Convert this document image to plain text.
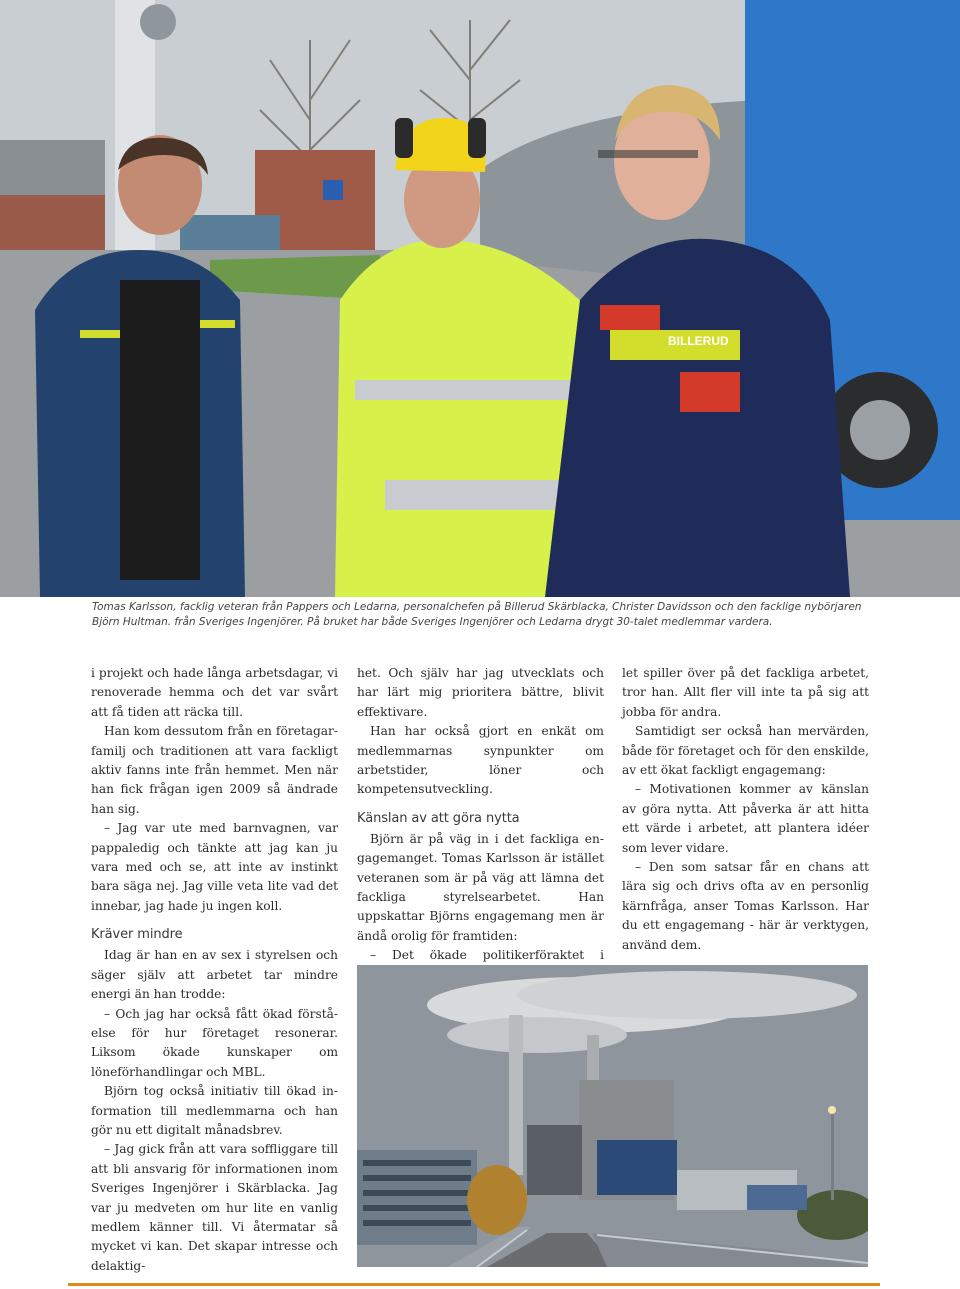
BILLERUD
Tomas Karlsson, facklig veteran från Pappers och Ledarna, personalchefen på Billerud Skärblacka, Christer Davidsson och den facklige nybörjaren Björn Hultman. från Sveriges Ingenjörer. På bruket har både Sveriges Ingenjörer och Ledarna drygt 30-talet medlemmar vardera.

i projekt och hade långa arbetsdagar, vi renoverade hemma och det var svårt att få tiden att räcka till.

Han kom dessutom från en företagarfamilj och traditionen att vara fackligt aktiv fanns inte från hemmet. Men när han fick frågan igen 2009 så ändrade han sig.

– Jag var ute med barnvagnen, var pappaledig och tänkte att jag kan ju vara med och se, att inte av instinkt bara säga nej. Jag ville veta lite vad det innebar, jag hade ju ingen koll.

Kräver mindre

Idag är han en av sex i styrelsen och säger själv att arbetet tar mindre energi än han trodde:

– Och jag har också fått ökad förståelse för hur företaget resonerar. Liksom ökade kunskaper om löneförhandlingar och MBL.

Björn tog också initiativ till ökad information till medlemmarna och han gör nu ett digitalt månadsbrev.

– Jag gick från att vara soffliggare till att bli ansvarig för informationen inom Sveriges Ingenjörer i Skärblacka. Jag var ju medveten om hur lite en vanlig medlem känner till. Vi återmatar så mycket vi kan. Det skapar intresse och delaktig-

het. Och själv har jag utvecklats och har lärt mig prioritera bättre, blivit effektivare.

Han har också gjort en enkät om medlemmarnas synpunkter om arbetstider, löner och kompetensutveckling.

Känslan av att göra nytta

Björn är på väg in i det fackliga engagemanget. Tomas Karlsson är istället veteranen som är på väg att lämna det fackliga styrelsearbetet. Han uppskattar Björns engagemang men är ändå orolig för framtiden:

– Det ökade politikerföraktet i

let spiller över på det fackliga arbetet, tror han. Allt fler vill inte ta på sig att jobba för andra.

Samtidigt ser också han mervärden, både för företaget och för den enskilde, av ett ökat fackligt engagemang:

– Motivationen kommer av känslan av göra nytta. Att påverka är att hitta ett värde i arbetet, att plantera idéer som lever vidare.

– Den som satsar får en chans att lära sig och drivs ofta av en personlig kärnfråga, anser Tomas Karlsson. Har du ett engagemang - här är verktygen, använd dem.
